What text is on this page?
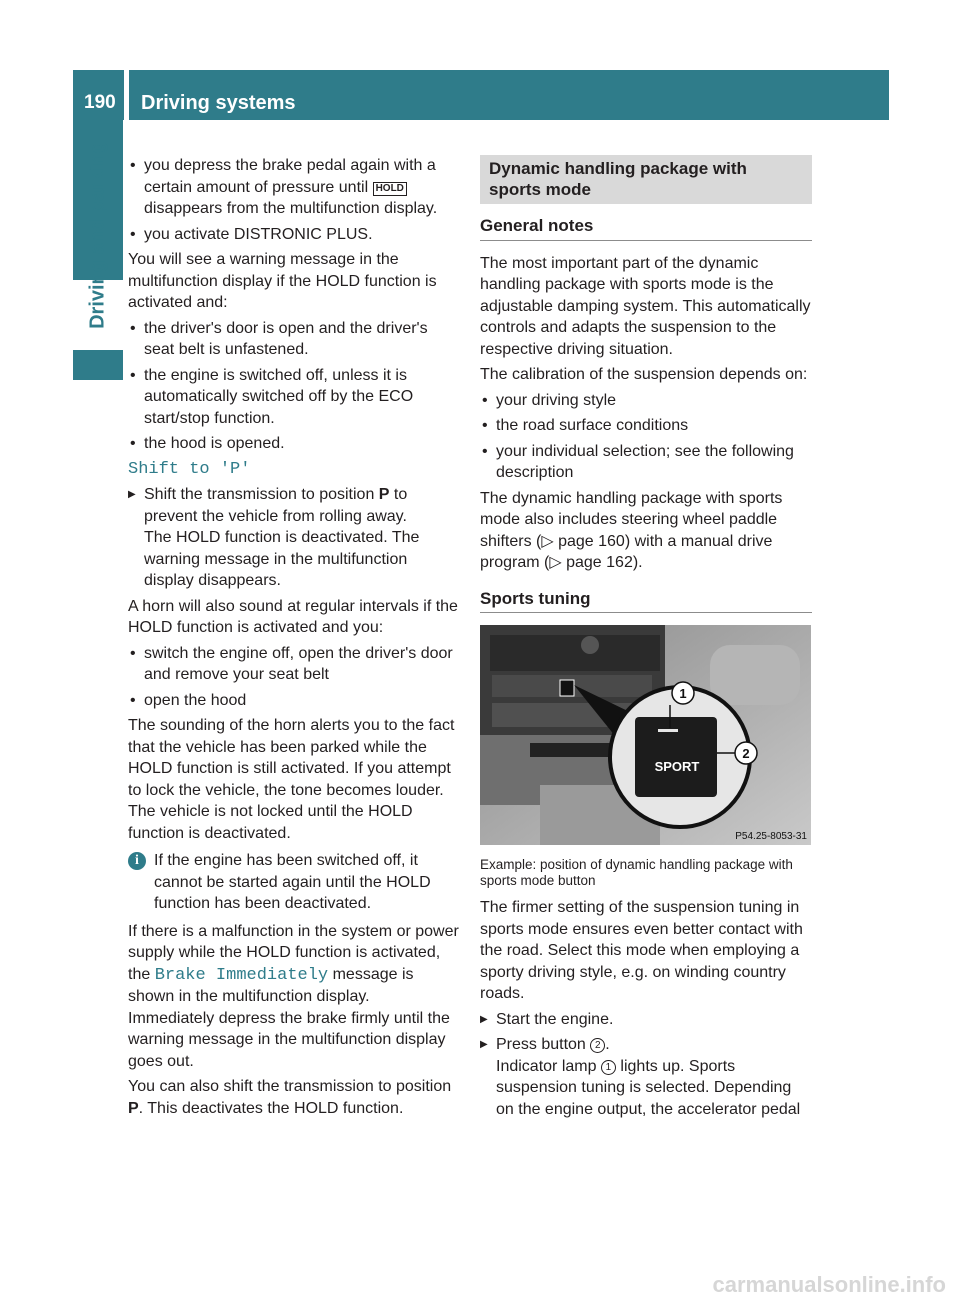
190 Driving systems
Driving and parking
•	you depress the brake pedal again with a certain amount of pressure until HOLD disappears from the multifunction display.
• you activate DISTRONIC PLUS.

You will see a warning message in the multifunction display if the HOLD function is activated and:

• the driver's door is open and the driver's seat belt is unfastened.
• the engine is switched off, unless it is automatically switched off by the ECO start/stop function.
• the hood is opened.

Shift to 'P'

▶ Shift the transmission to position P to prevent the vehicle from rolling away.
The HOLD function is deactivated. The warning message in the multifunction display disappears.

A horn will also sound at regular intervals if the HOLD function is activated and you:

• switch the engine off, open the driver's door and remove your seat belt
• open the hood

The sounding of the horn alerts you to the fact that the vehicle has been parked while the HOLD function is still activated. If you attempt to lock the vehicle, the tone becomes louder. The vehicle is not locked until the HOLD function is deactivated.

i If the engine has been switched off, it cannot be started again until the HOLD function has been deactivated.

If there is a malfunction in the system or power supply while the HOLD function is activated, the Brake Immediately message is shown in the multifunction display. Immediately depress the brake firmly until the warning message in the multifunction display goes out.

You can also shift the transmission to position P. This deactivates the HOLD function.

Dynamic handling package with sports mode
General notes

The most important part of the dynamic handling package with sports mode is the adjustable damping system. This automatically controls and adapts the suspension to the respective driving situation.

The calibration of the suspension depends on:

• your driving style
• the road surface conditions
• your individual selection; see the following description

The dynamic handling package with sports mode also includes steering wheel paddle shifters (▷ page 160) with a manual drive program (▷ page 162).

Sports tuning
SPORT
1
2
P54.25-8053-31
Example: position of dynamic handling package with sports mode button

The firmer setting of the suspension tuning in sports mode ensures even better contact with the road. Select this mode when employing a sporty driving style, e.g. on winding country roads.

▶ Start the engine.
▶ Press button 2 .
Indicator lamp 1 lights up. Sports suspension tuning is selected. Depending on the engine output, the accelerator pedal
carmanualsonline.info
